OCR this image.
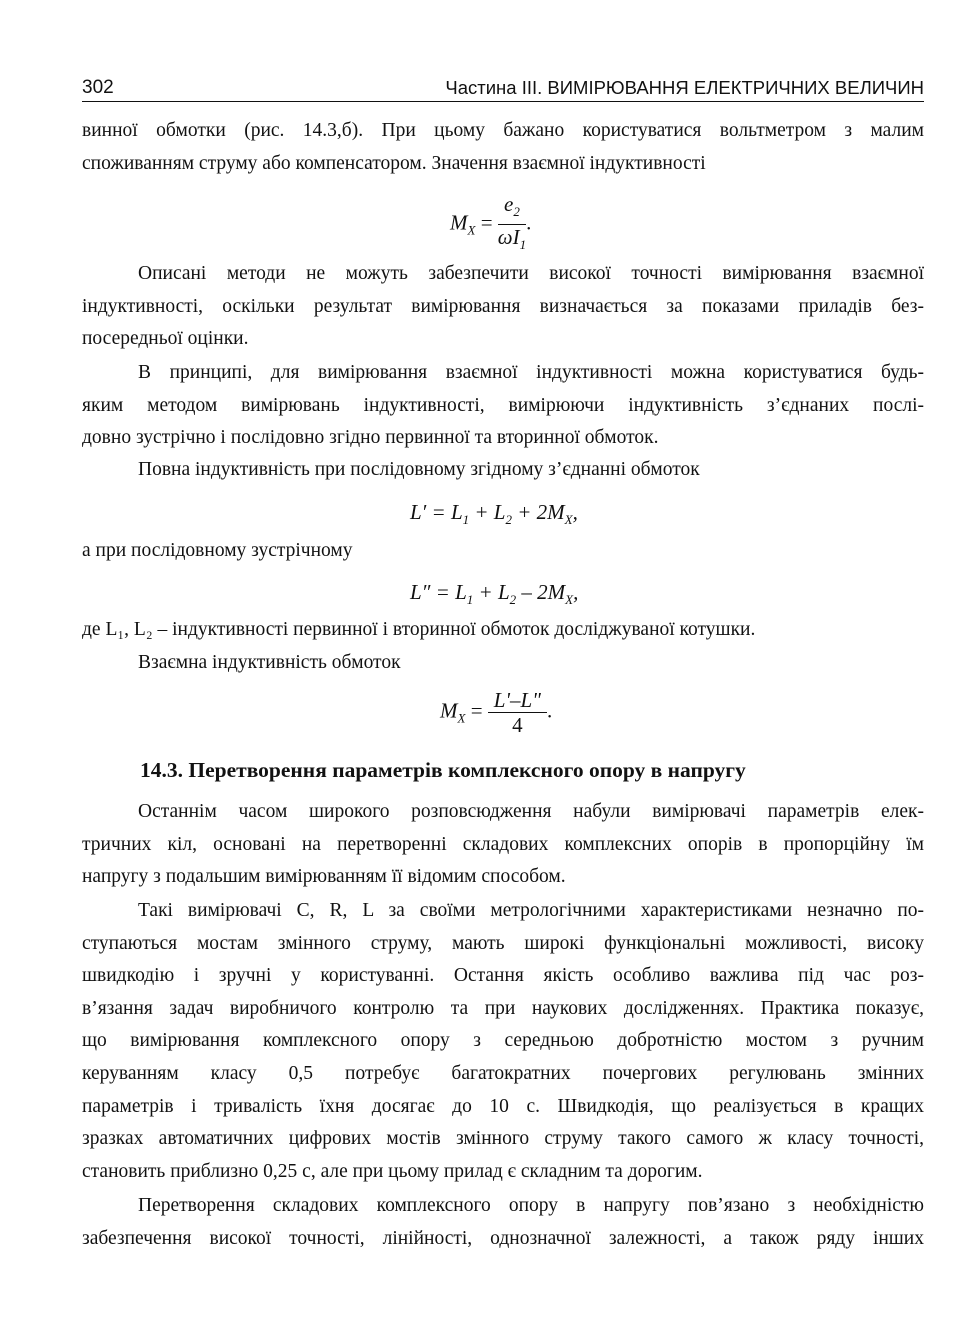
302	Частина III. ВИМІРЮВАННЯ ЕЛЕКТРИЧНИХ ВЕЛИЧИН
винної обмотки (рис. 14.3,б). При цьому бажано користуватися вольтметром з малим
споживанням струму або компенсатором. Значення взаємної індуктивності
$M_X = \frac{e_2}{\omega I_1}$ .
Описані методи не можуть забезпечити високої точності вимірювання взаємної
індуктивності, оскільки результат вимірювання визначається за показами приладів без-
посередньої оцінки.
В принципі, для вимірювання взаємної індуктивності можна користуватися будь-
яким методом вимірювань індуктивності, вимірюючи індуктивність з’єднаних послі-
довно зустрічно і послідовно згідно первинної та вторинної обмоток.
Повна індуктивність при послідовному згідному з’єднанні обмоток
$L' = L_1 + L_2 + 2M_X$,
а при послідовному зустрічному
$L'' = L_1 + L_2 - 2M_X$,
де L₁, L₂ – індуктивності первинної і вторинної обмоток досліджуваної котушки.
Взаємна індуктивність обмоток
$M_X = \frac{L'-L"}{4}$ .
14.3. Перетворення параметрів комплексного опору в напругу
Останнім часом широкого розповсюдження набули вимірювачі параметрів елек-
тричних кіл, основані на перетворенні складових комплексних опорів в пропорційну їм
напругу з подальшим вимірюванням її відомим способом.
Такі вимірювачі C, R, L за своїми метрологічними характеристиками незначно по-
ступаються мостам змінного струму, мають широкі функціональні можливості, високу
швидкодію і зручні у користуванні. Остання якість особливо важлива під час роз-
в’язання задач виробничого контролю та при наукових дослідженнях. Практика показує,
що вимірювання комплексного опору з середньою добротністю мостом з ручним
керуванням класу 0,5 потребує багатократних почергових регулювань змінних
параметрів і тривалість їхня досягає до 10 с. Швидкодія, що реалізується в кращих
зразках автоматичних цифрових мостів змінного струму такого самого ж класу точності,
становить приблизно 0,25 с, але при цьому прилад є складним та дорогим.
Перетворення складових комплексного опору в напругу пов’язано з необхідністю
забезпечення високої точності, лінійності, однозначної залежності, а також ряду інших
